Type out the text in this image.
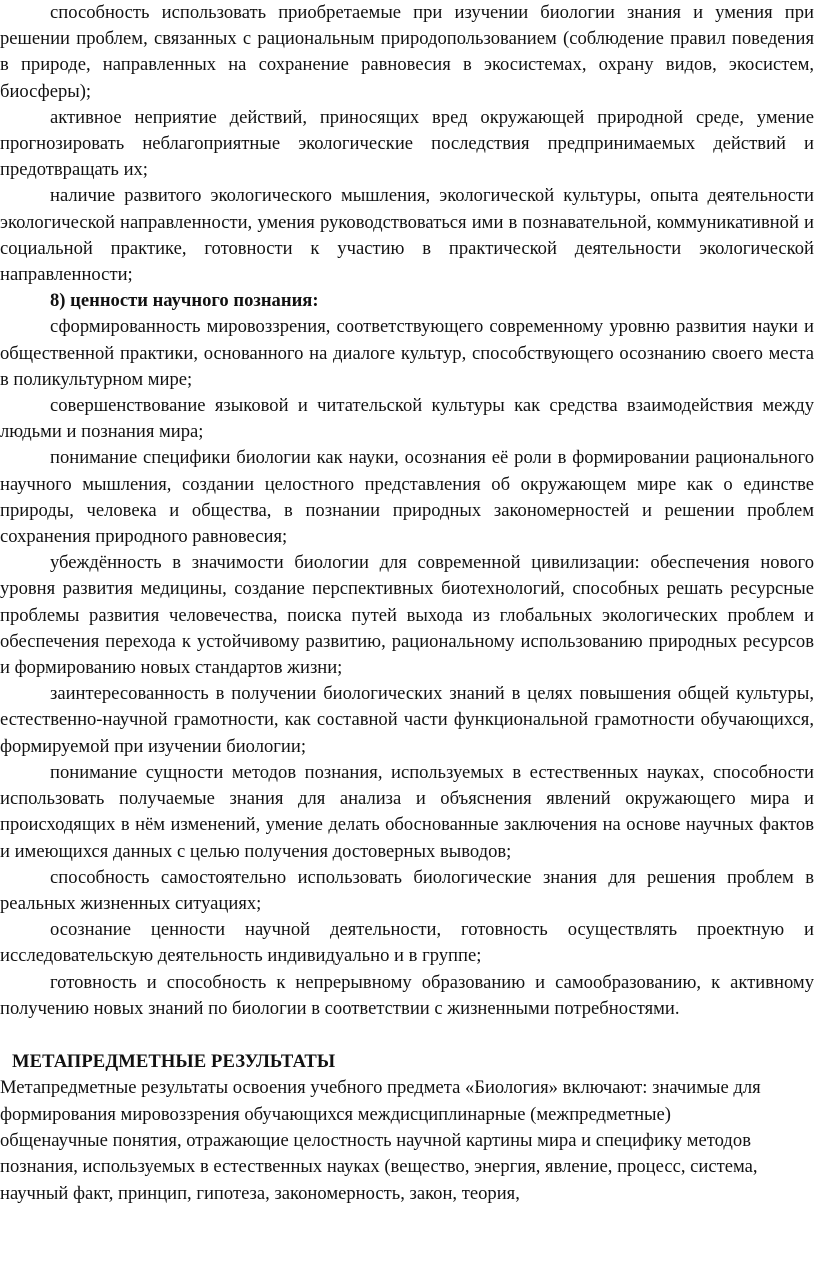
способность использовать приобретаемые при изучении биологии знания и умения при решении проблем, связанных с рациональным природопользованием (соблюдение правил поведения в природе, направленных на сохранение равновесия в экосистемах, охрану видов, экосистем, биосферы);

активное неприятие действий, приносящих вред окружающей природной среде, умение прогнозировать неблагоприятные экологические последствия предпринимаемых действий и предотвращать их;

наличие развитого экологического мышления, экологической культуры, опыта деятельности экологической направленности, умения руководствоваться ими в познавательной, коммуникативной и социальной практике, готовности к участию в практической деятельности экологической направленности;

8) ценности научного познания:

сформированность мировоззрения, соответствующего современному уровню развития науки и общественной практики, основанного на диалоге культур, способствующего осознанию своего места в поликультурном мире;

совершенствование языковой и читательской культуры как средства взаимодействия между людьми и познания мира;

понимание специфики биологии как науки, осознания её роли в формировании рационального научного мышления, создании целостного представления об окружающем мире как о единстве природы, человека и общества, в познании природных закономерностей и решении проблем сохранения природного равновесия;

убеждённость в значимости биологии для современной цивилизации: обеспечения нового уровня развития медицины, создание перспективных биотехнологий, способных решать ресурсные проблемы развития человечества, поиска путей выхода из глобальных экологических проблем и обеспечения перехода к устойчивому развитию, рациональному использованию природных ресурсов и формированию новых стандартов жизни;

заинтересованность в получении биологических знаний в целях повышения общей культуры, естественно-научной грамотности, как составной части функциональной грамотности обучающихся, формируемой при изучении биологии;

понимание сущности методов познания, используемых в естественных науках, способности использовать получаемые знания для анализа и объяснения явлений окружающего мира и происходящих в нём изменений, умение делать обоснованные заключения на основе научных фактов и имеющихся данных с целью получения достоверных выводов;

способность самостоятельно использовать биологические знания для решения проблем в реальных жизненных ситуациях;

осознание ценности научной деятельности, готовность осуществлять проектную и исследовательскую деятельность индивидуально и в группе;

готовность и способность к непрерывному образованию и самообразованию, к активному получению новых знаний по биологии в соответствии с жизненными потребностями.

МЕТАПРЕДМЕТНЫЕ РЕЗУЛЬТАТЫ

Метапредметные результаты освоения учебного предмета «Биология» включают: значимые для формирования мировоззрения обучающихся междисциплинарные (межпредметные) общенаучные понятия, отражающие целостность научной картины мира и специфику методов познания, используемых в естественных науках (вещество, энергия, явление, процесс, система, научный факт, принцип, гипотеза, закономерность, закон, теория,
